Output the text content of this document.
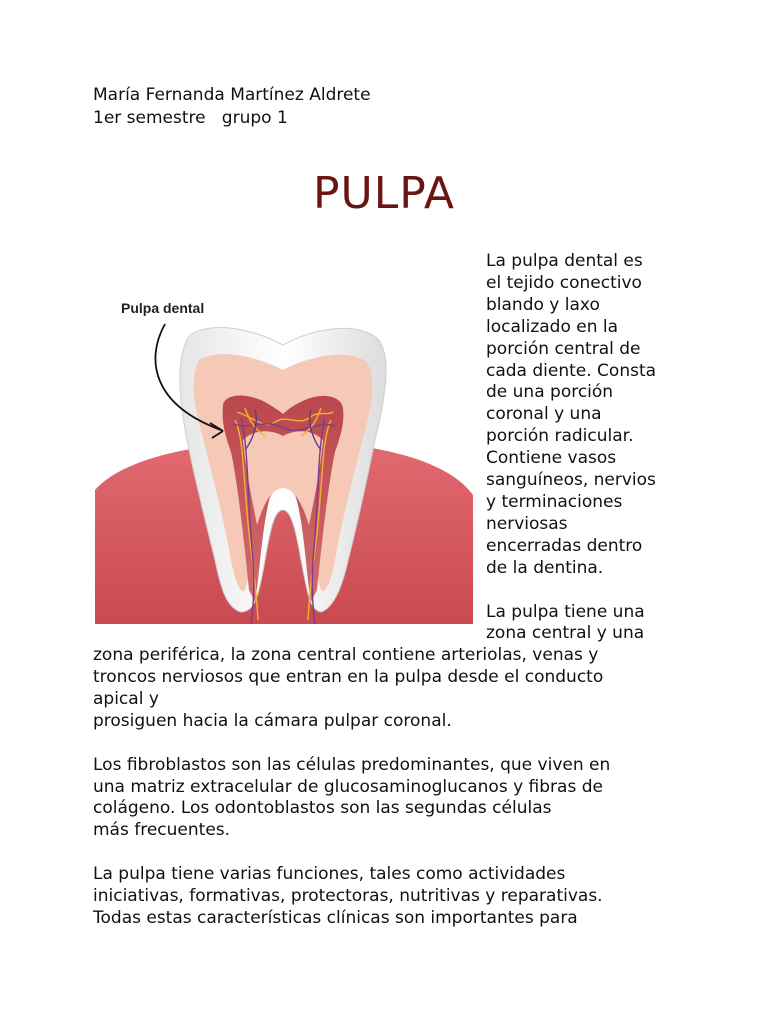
María Fernanda Martínez Aldrete
1er semestre   grupo 1
PULPA
Pulpa dental
La pulpa dental es
el tejido conectivo
blando y laxo
localizado en la
porción central de
cada diente. Consta
de una porción
coronal y una
porción radicular.
Contiene vasos
sanguíneos, nervios
y terminaciones
nerviosas
encerradas dentro
de la dentina.

La pulpa tiene una
zona central y una
zona periférica, la zona central contiene arteriolas, venas y
troncos nerviosos que entran en la pulpa desde el conducto
apical y
prosiguen hacia la cámara pulpar coronal.
Los fibroblastos son las células predominantes, que viven en
una matriz extracelular de glucosaminoglucanos y fibras de
colágeno. Los odontoblastos son las segundas células
más frecuentes.
La pulpa tiene varias funciones, tales como actividades
iniciativas, formativas, protectoras, nutritivas y reparativas.
Todas estas características clínicas son importantes para
